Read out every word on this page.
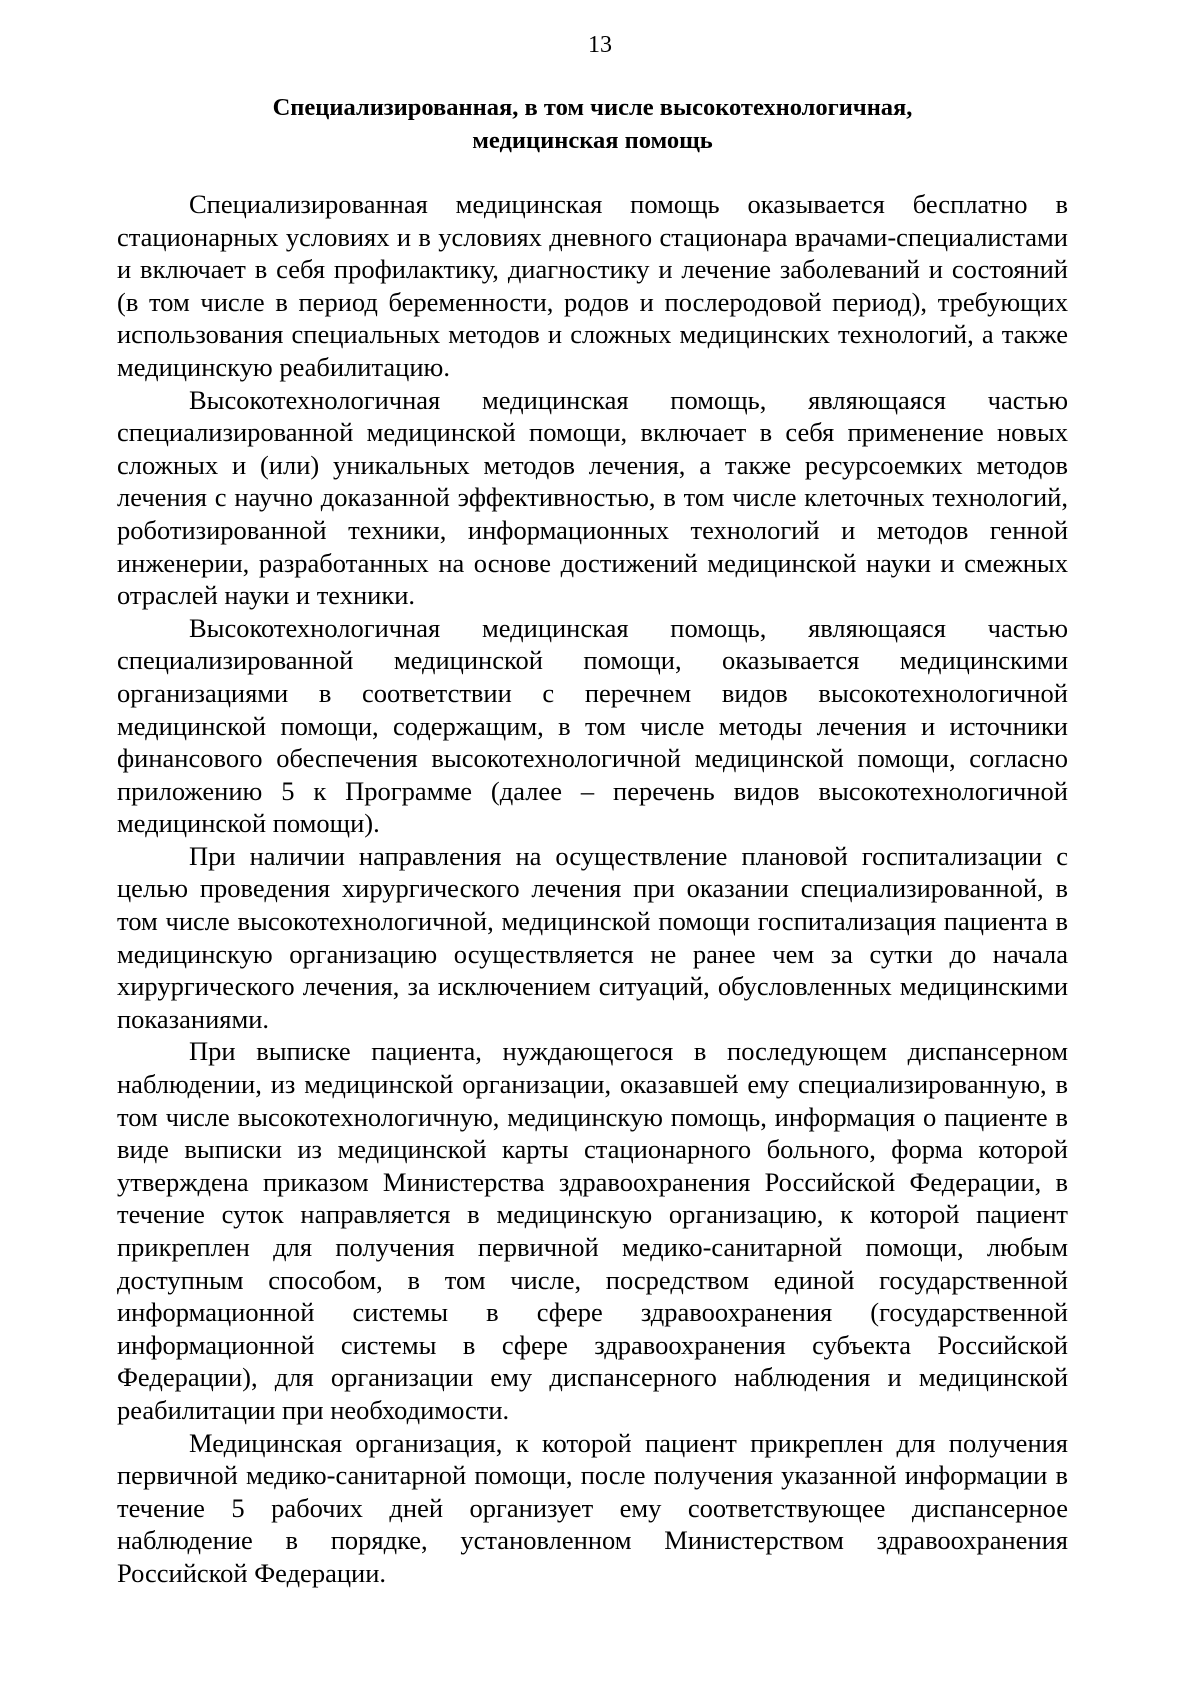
13

Специализированная, в том числе высокотехнологичная,
медицинская помощь

Специализированная медицинская помощь оказывается бесплатно в стационарных условиях и в условиях дневного стационара врачами-специалистами и включает в себя профилактику, диагностику и лечение заболеваний и состояний (в том числе в период беременности, родов и послеродовой период), требующих использования специальных методов и сложных медицинских технологий, а также медицинскую реабилитацию.

Высокотехнологичная медицинская помощь, являющаяся частью специализированной медицинской помощи, включает в себя применение новых сложных и (или) уникальных методов лечения, а также ресурсоемких методов лечения с научно доказанной эффективностью, в том числе клеточных технологий, роботизированной техники, информационных технологий и методов генной инженерии, разработанных на основе достижений медицинской науки и смежных отраслей науки и техники.

Высокотехнологичная медицинская помощь, являющаяся частью специализированной медицинской помощи, оказывается медицинскими организациями в соответствии с перечнем видов высокотехнологичной медицинской помощи, содержащим, в том числе методы лечения и источники финансового обеспечения высокотехнологичной медицинской помощи, согласно приложению 5 к Программе (далее – перечень видов высокотехнологичной медицинской помощи).

При наличии направления на осуществление плановой госпитализации с целью проведения хирургического лечения при оказании специализированной, в том числе высокотехнологичной, медицинской помощи госпитализация пациента в медицинскую организацию осуществляется не ранее чем за сутки до начала хирургического лечения, за исключением ситуаций, обусловленных медицинскими показаниями.

При выписке пациента, нуждающегося в последующем диспансерном наблюдении, из медицинской организации, оказавшей ему специализированную, в том числе высокотехнологичную, медицинскую помощь, информация о пациенте в виде выписки из медицинской карты стационарного больного, форма которой утверждена приказом Министерства здравоохранения Российской Федерации, в течение суток направляется в медицинскую организацию, к которой пациент прикреплен для получения первичной медико-санитарной помощи, любым доступным способом, в том числе, посредством единой государственной информационной системы в сфере здравоохранения (государственной информационной системы в сфере здравоохранения субъекта Российской Федерации), для организации ему диспансерного наблюдения и медицинской реабилитации при необходимости.

Медицинская организация, к которой пациент прикреплен для получения первичной медико-санитарной помощи, после получения указанной информации в течение 5 рабочих дней организует ему соответствующее диспансерное наблюдение в порядке, установленном Министерством здравоохранения Российской Федерации.
